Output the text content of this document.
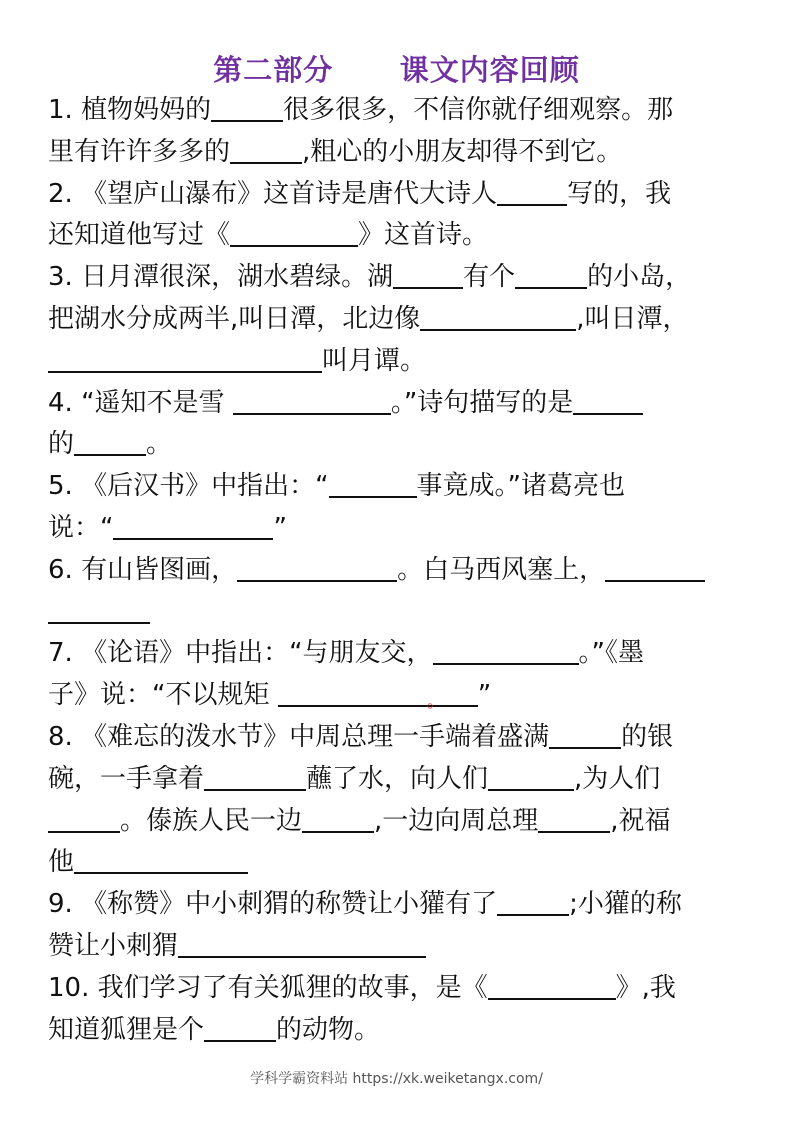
第二部分      课文内容回顾
1. 植物妈妈的	很多很多，不信你就仔细观察。那
里有许许多多的	,粗心的小朋友却得不到它。
2. 《望庐山瀑布》这首诗是唐代大诗人	写的，我
还知道他写过《	》这首诗。
3. 日月潭很深，湖水碧绿。湖	有个	的小岛，
把湖水分成两半,叫日潭，北边像	,叫日潭，
叫月谭。
4. “遥知不是雪	。”诗句描写的是
的	。
5. 《后汉书》中指出：“	事竟成。”诸葛亮也
说：“	”
6. 有山皆图画，	。白马西风塞上，
7. 《论语》中指出：“与朋友交，	。”《墨
子》说：“不以规矩	。 ”
8. 《难忘的泼水节》中周总理一手端着盛满	的银
碗，一手拿着	蘸了水，向人们	,为人们
。傣族人民一边	,一边向周总理	,祝福
他
9. 《称赞》中小刺猬的称赞让小獾有了	;小獾的称
赞让小刺猬
10. 我们学习了有关狐狸的故事，是《	》,我
知道狐狸是个	的动物。
学科学霸资料站 https://xk.weiketangx.com/
